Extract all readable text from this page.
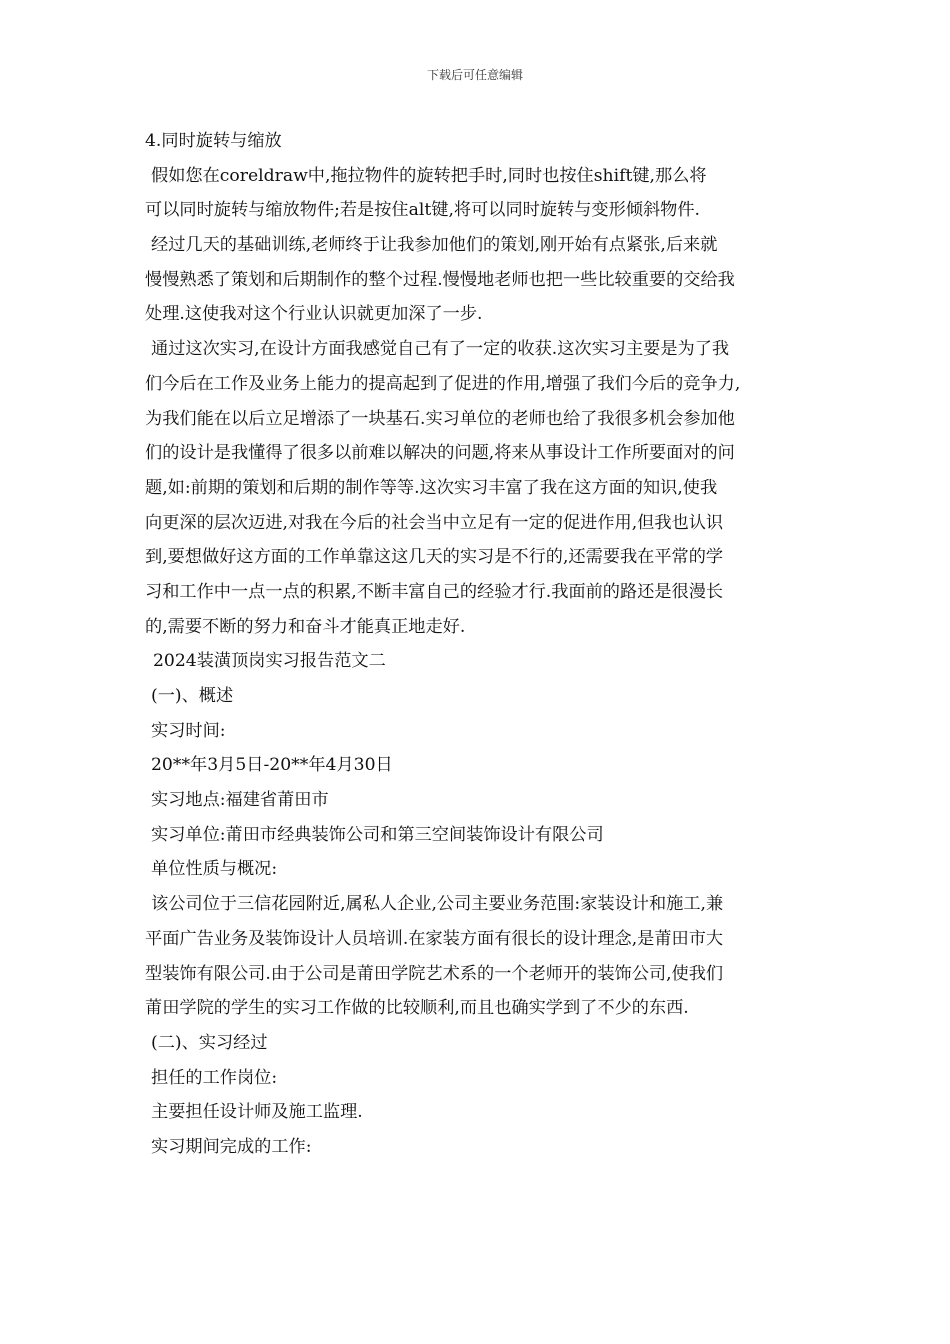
下载后可任意编辑

4.同时旋转与缩放

假如您在coreldraw中,拖拉物件的旋转把手时,同时也按住shift键,那么将

可以同时旋转与缩放物件;若是按住alt键,将可以同时旋转与变形倾斜物件.

经过几天的基础训练,老师终于让我参加他们的策划,刚开始有点紧张,后来就

慢慢熟悉了策划和后期制作的整个过程.慢慢地老师也把一些比较重要的交给我

处理.这使我对这个行业认识就更加深了一步.

通过这次实习,在设计方面我感觉自己有了一定的收获.这次实习主要是为了我

们今后在工作及业务上能力的提高起到了促进的作用,增强了我们今后的竞争力,

为我们能在以后立足增添了一块基石.实习单位的老师也给了我很多机会参加他

们的设计是我懂得了很多以前难以解决的问题,将来从事设计工作所要面对的问

题,如:前期的策划和后期的制作等等.这次实习丰富了我在这方面的知识,使我

向更深的层次迈进,对我在今后的社会当中立足有一定的促进作用,但我也认识

到,要想做好这方面的工作单靠这这几天的实习是不行的,还需要我在平常的学

习和工作中一点一点的积累,不断丰富自己的经验才行.我面前的路还是很漫长

的,需要不断的努力和奋斗才能真正地走好.

2024装潢顶岗实习报告范文二

(一)、概述

实习时间:

20**年3月5日-20**年4月30日

实习地点:福建省莆田市

实习单位:莆田市经典装饰公司和第三空间装饰设计有限公司

单位性质与概况:

该公司位于三信花园附近,属私人企业,公司主要业务范围:家装设计和施工,兼

平面广告业务及装饰设计人员培训.在家装方面有很长的设计理念,是莆田市大

型装饰有限公司.由于公司是莆田学院艺术系的一个老师开的装饰公司,使我们

莆田学院的学生的实习工作做的比较顺利,而且也确实学到了不少的东西.

(二)、实习经过

担任的工作岗位:

主要担任设计师及施工监理.

实习期间完成的工作:
